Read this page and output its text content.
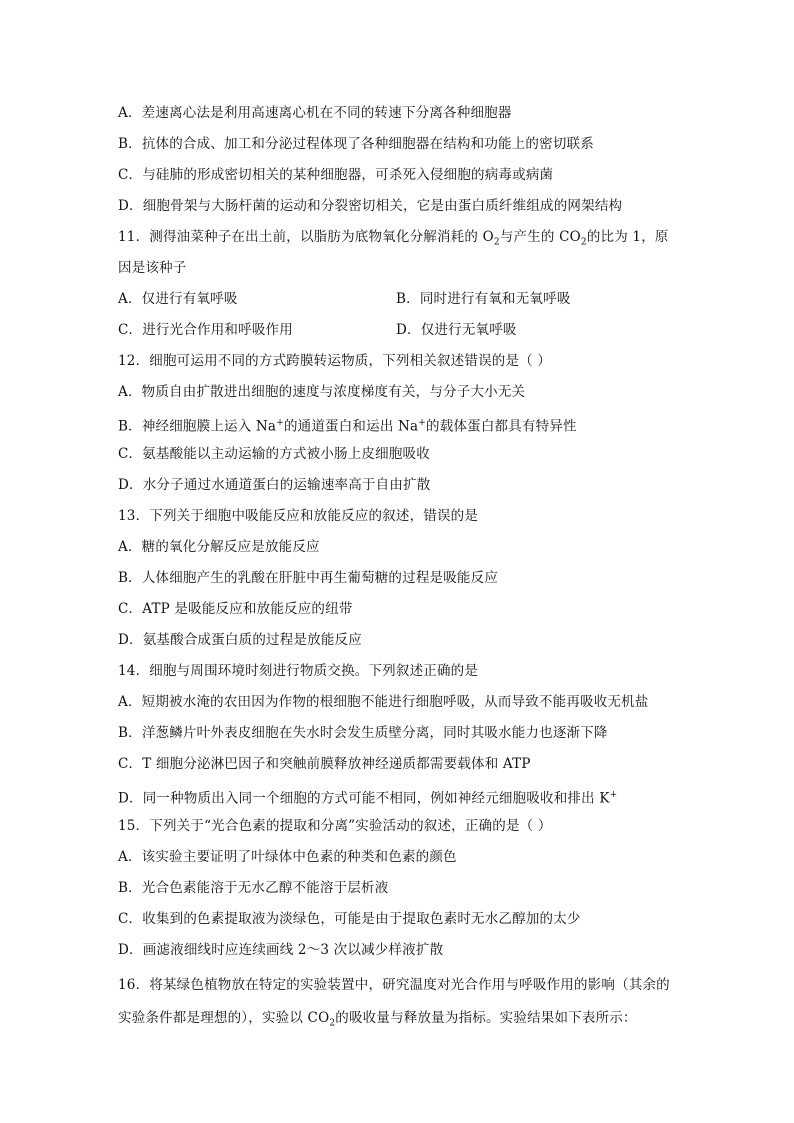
A．差速离心法是利用高速离心机在不同的转速下分离各种细胞器
B．抗体的合成、加工和分泌过程体现了各种细胞器在结构和功能上的密切联系
C．与硅肺的形成密切相关的某种细胞器，可杀死入侵细胞的病毒或病菌
D．细胞骨架与大肠杆菌的运动和分裂密切相关，它是由蛋白质纤维组成的网架结构
11．测得油菜种子在出土前，以脂肪为底物氧化分解消耗的 $O_2$与产生的 $CO_2$的比为 1，原
因是该种子
A．仅进行有氧呼吸	B．同时进行有氧和无氧呼吸
C．进行光合作用和呼吸作用	D．仅进行无氧呼吸
12．细胞可运用不同的方式跨膜转运物质，下列相关叙述错误的是（ ）
A．物质自由扩散进出细胞的速度与浓度梯度有关，与分子大小无关
B．神经细胞膜上运入 Na+的通道蛋白和运出 Na+的载体蛋白都具有特异性
C．氨基酸能以主动运输的方式被小肠上皮细胞吸收
D．水分子通过水通道蛋白的运输速率高于自由扩散
13．下列关于细胞中吸能反应和放能反应的叙述，错误的是
A．糖的氧化分解反应是放能反应
B．人体细胞产生的乳酸在肝脏中再生葡萄糖的过程是吸能反应
C．ATP 是吸能反应和放能反应的纽带
D．氨基酸合成蛋白质的过程是放能反应
14．细胞与周围环境时刻进行物质交换。下列叙述正确的是
A．短期被水淹的农田因为作物的根细胞不能进行细胞呼吸，从而导致不能再吸收无机盐
B．洋葱鳞片叶外表皮细胞在失水时会发生质壁分离，同时其吸水能力也逐渐下降
C．T 细胞分泌淋巴因子和突触前膜释放神经递质都需要载体和 ATP
D．同一种物质出入同一个细胞的方式可能不相同，例如神经元细胞吸收和排出 K+
15．下列关于“光合色素的提取和分离”实验活动的叙述，正确的是（ ）
A．该实验主要证明了叶绿体中色素的种类和色素的颜色
B．光合色素能溶于无水乙醇不能溶于层析液
C．收集到的色素提取液为淡绿色，可能是由于提取色素时无水乙醇加的太少
D．画滤液细线时应连续画线 2～3 次以减少样液扩散
16．将某绿色植物放在特定的实验装置中，研究温度对光合作用与呼吸作用的影响（其余的
实验条件都是理想的），实验以 $CO_2$的吸收量与释放量为指标。实验结果如下表所示：
